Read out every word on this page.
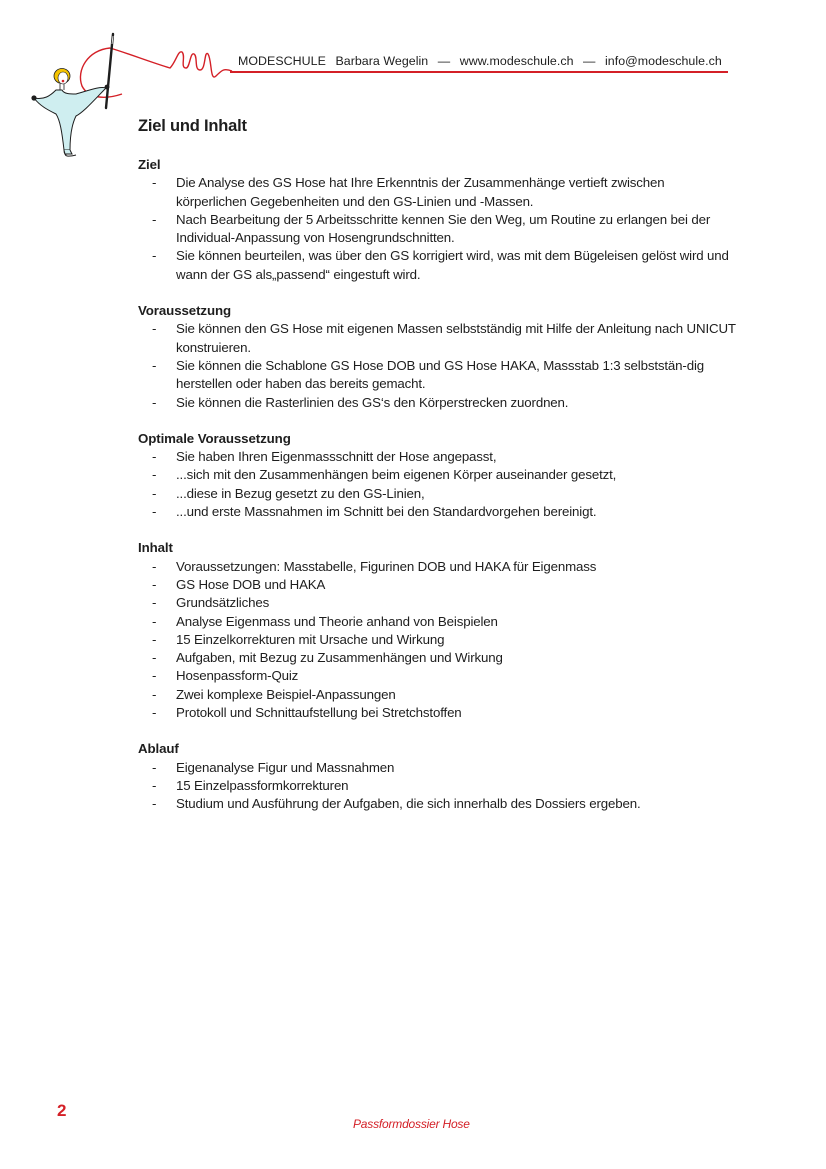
MODESCHULE Barbara Wegelin — www.modeschule.ch — info@modeschule.ch
Ziel und Inhalt
Ziel
- Die Analyse des GS Hose hat Ihre Erkenntnis der Zusammenhänge vertieft zwischen körperlichen Gegebenheiten und den GS-Linien und -Massen.
- Nach Bearbeitung der 5 Arbeitsschritte kennen Sie den Weg, um Routine zu erlangen bei der Individual-Anpassung von Hosengrundschnitten.
- Sie können beurteilen, was über den GS korrigiert wird, was mit dem Bügeleisen gelöst wird und wann der GS als„passend“ eingestuft wird.
Voraussetzung
- Sie können den GS Hose mit eigenen Massen selbstständig mit Hilfe der Anleitung nach UNICUT konstruieren.
- Sie können die Schablone GS Hose DOB und GS Hose HAKA, Massstab 1:3 selbststän-dig herstellen oder haben das bereits gemacht.
- Sie können die Rasterlinien des GS‘s den Körperstrecken zuordnen.
Optimale Voraussetzung
- Sie haben Ihren Eigenmassschnitt der Hose angepasst,
- ...sich mit den Zusammenhängen beim eigenen Körper auseinander gesetzt,
- ...diese in Bezug gesetzt zu den GS-Linien,
- ...und erste Massnahmen im Schnitt bei den Standardvorgehen bereinigt.
Inhalt
- Voraussetzungen: Masstabelle, Figurinen DOB und HAKA für Eigenmass
- GS Hose DOB und HAKA
- Grundsätzliches
- Analyse Eigenmass und Theorie anhand von Beispielen
- 15 Einzelkorrekturen mit Ursache und Wirkung
- Aufgaben, mit Bezug zu Zusammenhängen und Wirkung
- Hosenpassform-Quiz
- Zwei komplexe Beispiel-Anpassungen
- Protokoll und Schnittaufstellung bei Stretchstoffen
Ablauf
- Eigenanalyse Figur und Massnahmen
- 15 Einzelpassformkorrekturen
- Studium und Ausführung der Aufgaben, die sich innerhalb des Dossiers ergeben.
2
Passformdossier Hose
